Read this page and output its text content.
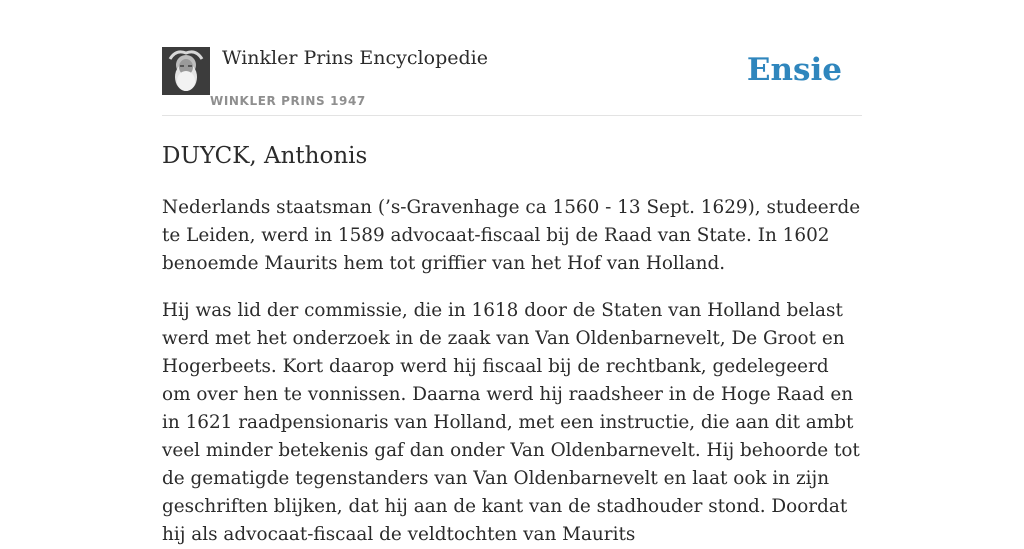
Winkler Prins Encyclopedie
WINKLER PRINS 1947
Ensie
DUYCK, Anthonis

Nederlands staatsman (’s-Gravenhage ca 1560 - 13 Sept. 1629), studeerde te Leiden, werd in 1589 advocaat-fiscaal bij de Raad van State. In 1602 benoemde Maurits hem tot griffier van het Hof van Holland.

Hij was lid der commissie, die in 1618 door de Staten van Holland belast werd met het onderzoek in de zaak van Van Oldenbarnevelt, De Groot en Hogerbeets. Kort daarop werd hij fiscaal bij de rechtbank, gedelegeerd om over hen te vonnissen. Daarna werd hij raadsheer in de Hoge Raad en in 1621 raadpensionaris van Holland, met een instructie, die aan dit ambt veel minder betekenis gaf dan onder Van Oldenbarnevelt. Hij behoorde tot de gematigde tegenstanders van Van Oldenbarnevelt en laat ook in zijn geschriften blijken, dat hij aan de kant van de stadhouder stond. Doordat hij als advocaat-fiscaal de veldtochten van Maurits
